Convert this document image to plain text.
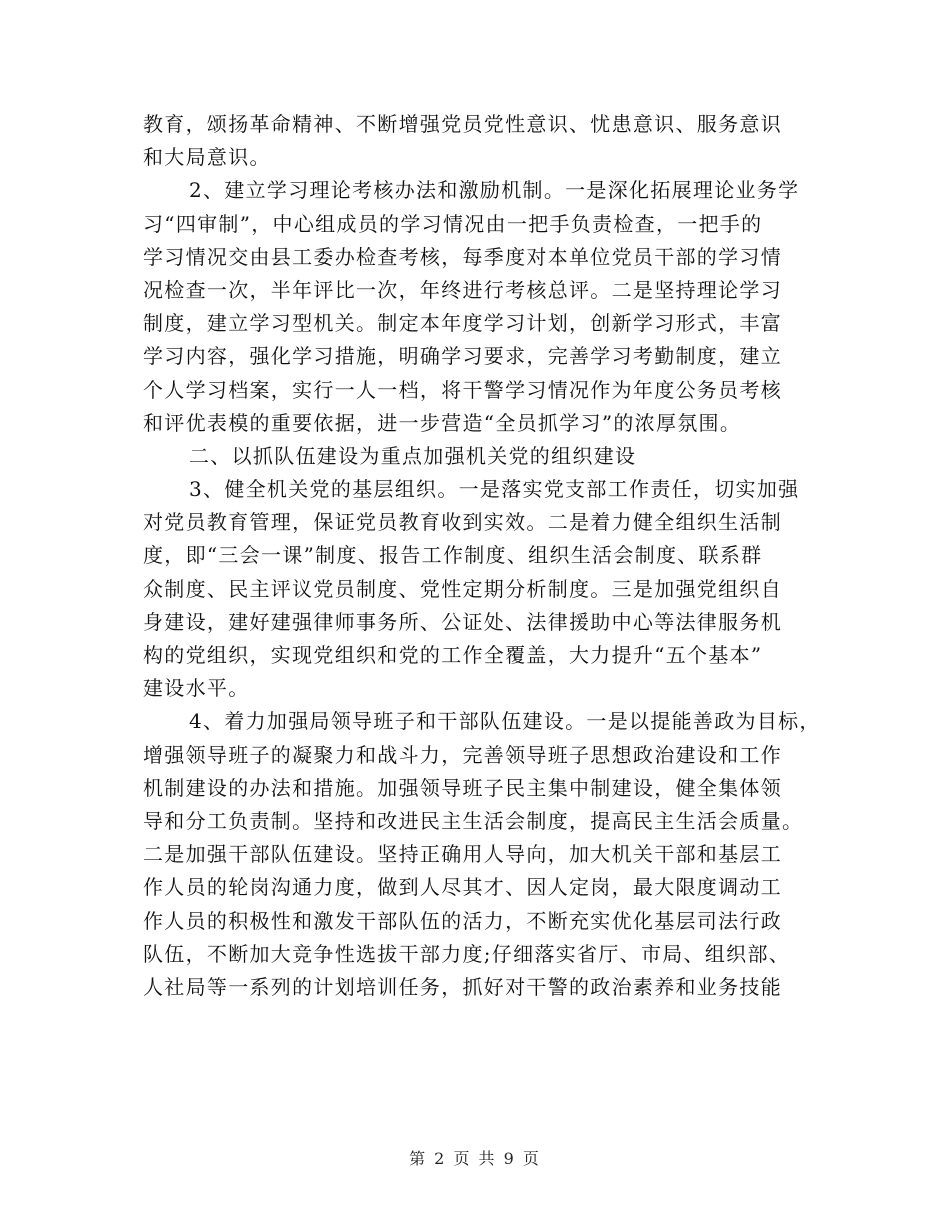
教育，颂扬革命精神、不断增强党员党性意识、忧患意识、服务意识
和大局意识。
2、建立学习理论考核办法和激励机制。一是深化拓展理论业务学
习“四审制”，中心组成员的学习情况由一把手负责检查，一把手的
学习情况交由县工委办检查考核，每季度对本单位党员干部的学习情
况检查一次，半年评比一次，年终进行考核总评。二是坚持理论学习
制度，建立学习型机关。制定本年度学习计划，创新学习形式，丰富
学习内容，强化学习措施，明确学习要求，完善学习考勤制度，建立
个人学习档案，实行一人一档，将干警学习情况作为年度公务员考核
和评优表模的重要依据，进一步营造“全员抓学习”的浓厚氛围。
二、以抓队伍建设为重点加强机关党的组织建设
3、健全机关党的基层组织。一是落实党支部工作责任，切实加强
对党员教育管理，保证党员教育收到实效。二是着力健全组织生活制
度，即“三会一课”制度、报告工作制度、组织生活会制度、联系群
众制度、民主评议党员制度、党性定期分析制度。三是加强党组织自
身建设，建好建强律师事务所、公证处、法律援助中心等法律服务机
构的党组织，实现党组织和党的工作全覆盖，大力提升“五个基本”
建设水平。
4、着力加强局领导班子和干部队伍建设。一是以提能善政为目标，
增强领导班子的凝聚力和战斗力，完善领导班子思想政治建设和工作
机制建设的办法和措施。加强领导班子民主集中制建设，健全集体领
导和分工负责制。坚持和改进民主生活会制度，提高民主生活会质量。
二是加强干部队伍建设。坚持正确用人导向，加大机关干部和基层工
作人员的轮岗沟通力度，做到人尽其才、因人定岗，最大限度调动工
作人员的积极性和激发干部队伍的活力，不断充实优化基层司法行政
队伍，不断加大竞争性选拔干部力度;仔细落实省厅、市局、组织部、
人社局等一系列的计划培训任务，抓好对干警的政治素养和业务技能
第 2 页 共 9 页
